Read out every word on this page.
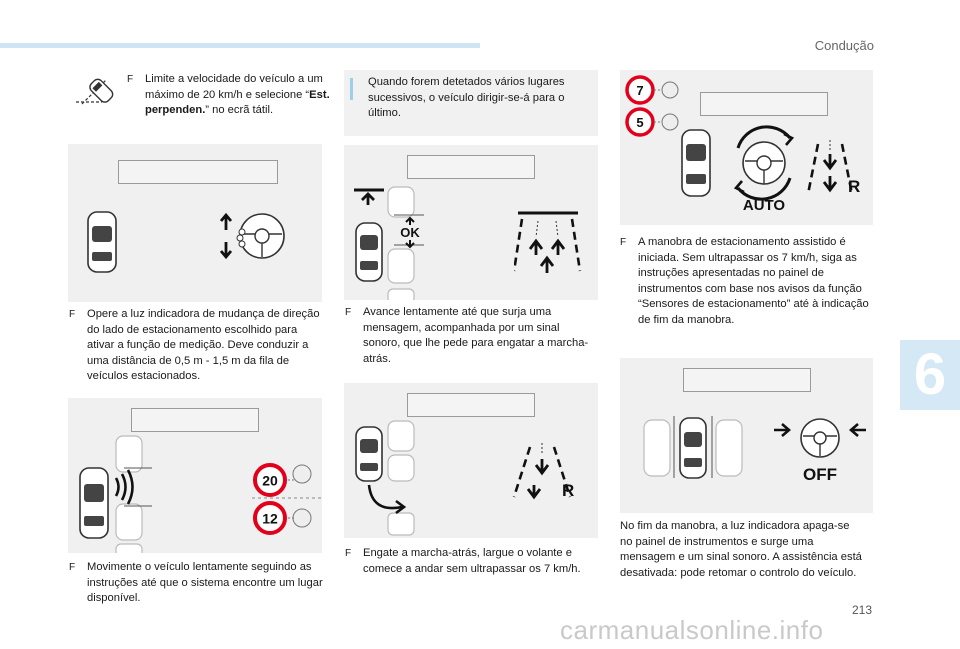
Condução
6
F Limite a velocidade do veículo a um máximo de 20 km/h e selecione “Est. perpenden.” no ecrã tátil.
F Opere a luz indicadora de mudança de direção do lado de estacionamento escolhido para ativar a função de medição. Deve conduzir a uma distância de 0,5 m - 1,5 m da fila de veículos estacionados.
20
12
F Movimente o veículo lentamente seguindo as instruções até que o sistema encontre um lugar disponível.
Quando forem detetados vários lugares sucessivos, o veículo dirigir-se-á para o último.
OK
F Avance lentamente até que surja uma mensagem, acompanhada por um sinal sonoro, que lhe pede para engatar a marcha-atrás.
R
F Engate a marcha-atrás, largue o volante e comece a andar sem ultrapassar os 7 km/h.
7
5
AUTO
R
F A manobra de estacionamento assistido é iniciada. Sem ultrapassar os 7 km/h, siga as instruções apresentadas no painel de instrumentos com base nos avisos da função “Sensores de estacionamento” até à indicação de fim da manobra.
OFF
No fim da manobra, a luz indicadora apaga-se no painel de instrumentos e surge uma mensagem e um sinal sonoro. A assistência está desativada: pode retomar o controlo do veículo.
213
carmanualsonline.info
